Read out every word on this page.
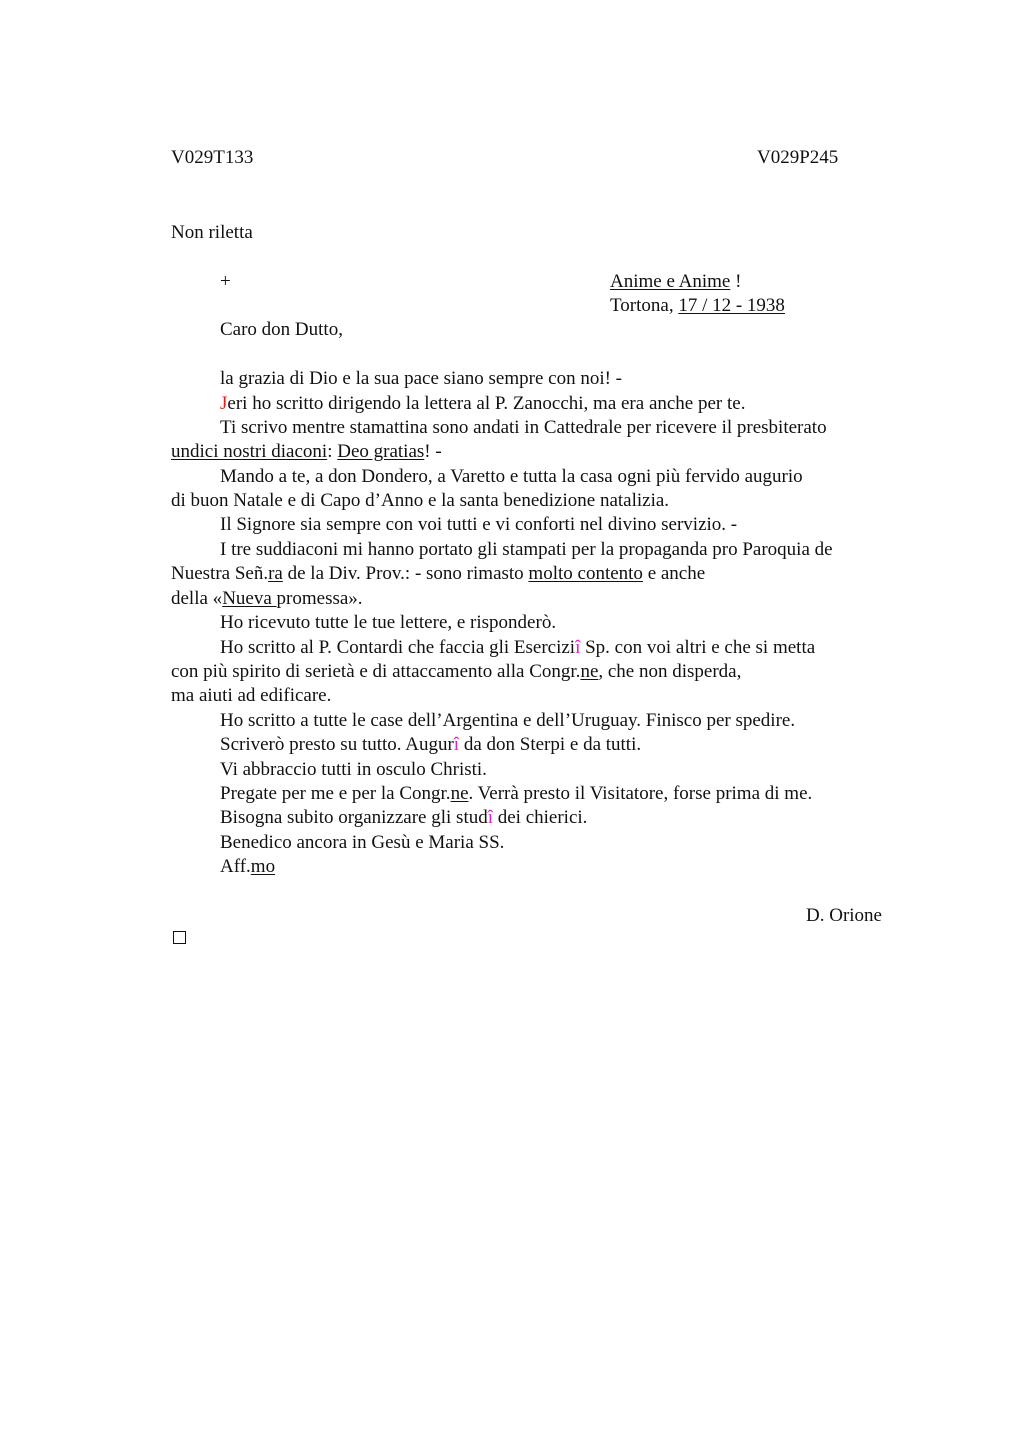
V029T133	V029P245
Non riletta
+	Anime e Anime !
Tortona, 17 / 12 - 1938
Caro don Dutto,
la grazia di Dio e la sua pace siano sempre con noi! -
Jeri ho scritto dirigendo la lettera al P. Zanocchi, ma era anche per te.
Ti scrivo mentre stamattina sono andati in Cattedrale per ricevere il presbiterato
undici nostri diaconi: Deo gratias! -
Mando a te, a don Dondero, a Varetto e tutta la casa ogni più fervido augurio
di buon Natale e di Capo d’Anno e la santa benedizione natalizia.
Il Signore sia sempre con voi tutti e vi conforti nel divino servizio. -
I tre suddiaconi mi hanno portato gli stampati per la propaganda pro Paroquia de
Nuestra Señ.ra de la Div. Prov.: - sono rimasto molto contento e anche
della «Nueva promessa».
Ho ricevuto tutte le tue lettere, e risponderò.
Ho scritto al P. Contardi che faccia gli Eserciziî Sp. con voi altri e che si metta
con più spirito di serietà e di attaccamento alla Congr.ne, che non disperda,
ma aiuti ad edificare.
Ho scritto a tutte le case dell’Argentina e dell’Uruguay. Finisco per spedire.
Scriverò presto su tutto. Augurî da don Sterpi e da tutti.
Vi abbraccio tutti in osculo Christi.
Pregate per me e per la Congr.ne. Verrà presto il Visitatore, forse prima di me.
Bisogna subito organizzare gli studî dei chierici.
Benedico ancora in Gesù e Maria SS.
Aff.mo
D. Orione
